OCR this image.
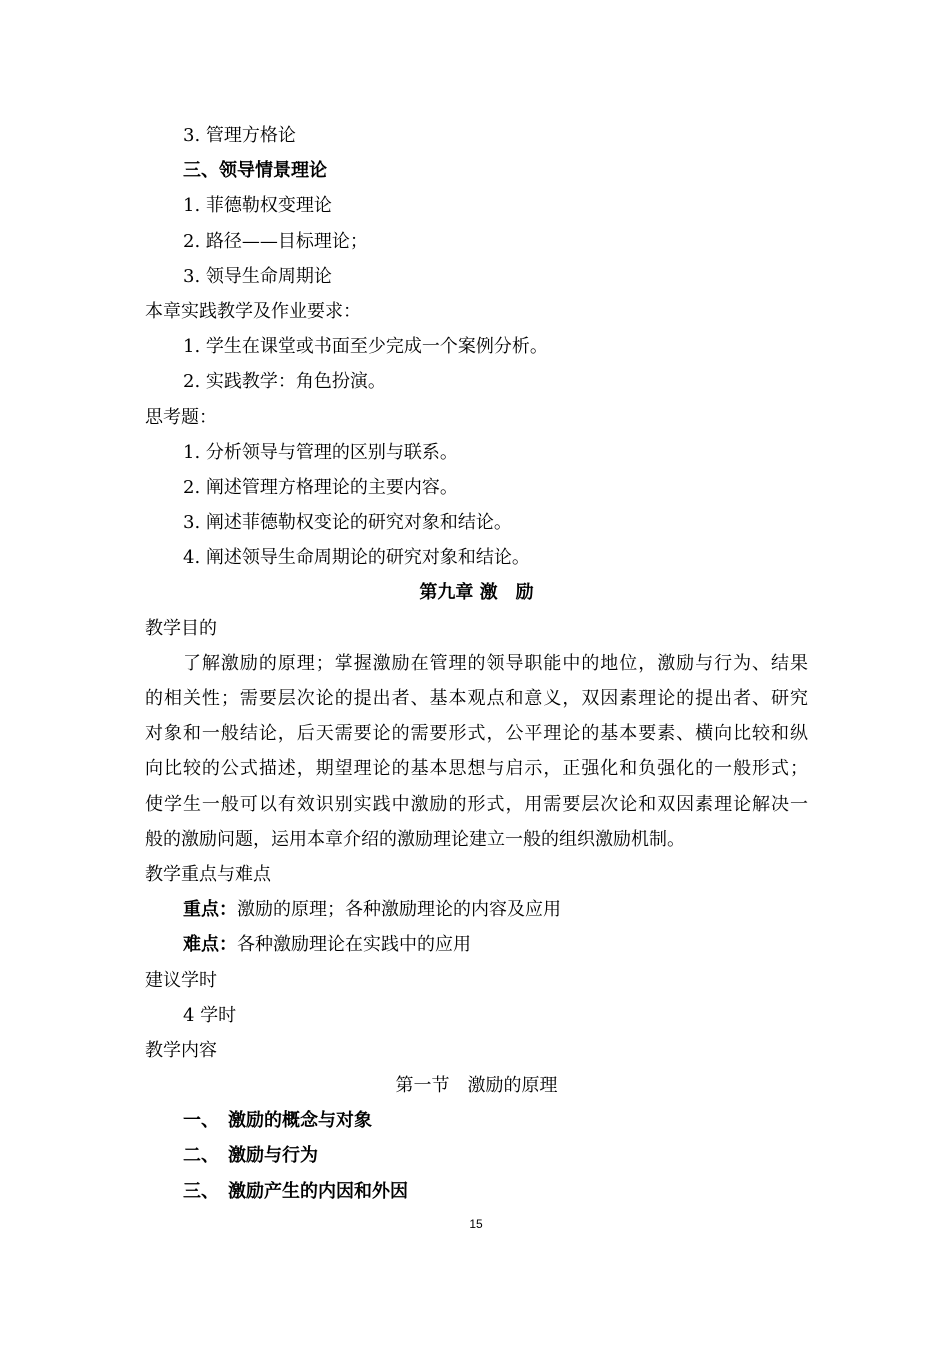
3. 管理方格论
三、领导情景理论
1. 菲德勒权变理论
2. 路径——目标理论；
3. 领导生命周期论
本章实践教学及作业要求：
1. 学生在课堂或书面至少完成一个案例分析。
2. 实践教学：角色扮演。
思考题：
1. 分析领导与管理的区别与联系。
2. 阐述管理方格理论的主要内容。
3. 阐述菲德勒权变论的研究对象和结论。
4. 阐述领导生命周期论的研究对象和结论。
第九章 激　励
教学目的
了解激励的原理；掌握激励在管理的领导职能中的地位，激励与行为、结果
的相关性；需要层次论的提出者、基本观点和意义，双因素理论的提出者、研究
对象和一般结论，后天需要论的需要形式，公平理论的基本要素、横向比较和纵
向比较的公式描述，期望理论的基本思想与启示，正强化和负强化的一般形式；
使学生一般可以有效识别实践中激励的形式，用需要层次论和双因素理论解决一
般的激励问题，运用本章介绍的激励理论建立一般的组织激励机制。
教学重点与难点
重点：激励的原理；各种激励理论的内容及应用
难点：各种激励理论在实践中的应用
建议学时
4 学时
教学内容
第一节　激励的原理
一、　激励的概念与对象
二、　激励与行为
三、　激励产生的内因和外因
15
